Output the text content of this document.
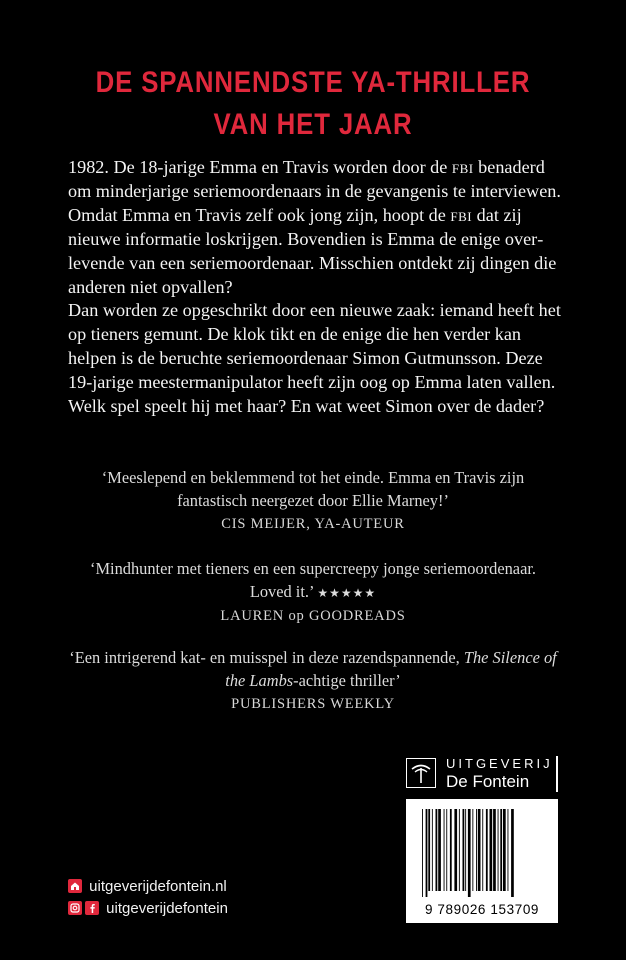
DE SPANNENDSTE YA-THRILLER
VAN HET JAAR

1982. De 18-jarige Emma en Travis worden door de fbi benaderd om minderjarige seriemoordenaars in de gevangenis te interviewen. Omdat Emma en Travis zelf ook jong zijn, hoopt de fbi dat zij nieuwe informatie loskrijgen. Bovendien is Emma de enige overlevende van een seriemoordenaar. Misschien ontdekt zij dingen die anderen niet opvallen?

Dan worden ze opgeschrikt door een nieuwe zaak: iemand heeft het op tieners gemunt. De klok tikt en de enige die hen verder kan helpen is de beruchte seriemoordenaar Simon Gutmunsson. Deze 19-jarige meestermanipulator heeft zijn oog op Emma laten vallen. Welk spel speelt hij met haar? En wat weet Simon over de dader?

‘Meeslepend en beklemmend tot het einde. Emma en Travis zijn fantastisch neergezet door Ellie Marney!’
CIS MEIJER, YA-AUTEUR
‘Mindhunter met tieners en een supercreepy jonge seriemoordenaar. Loved it.’ ★★★★★
LAUREN op GOODREADS
‘Een intrigerend kat- en muisspel in deze razendspannende, The Silence of the Lambs-achtige thriller’
PUBLISHERS WEEKLY
UITGEVERIJ
De Fontein
9 789026 153709
uitgeverijdefontein.nl
uitgeverijdefontein
